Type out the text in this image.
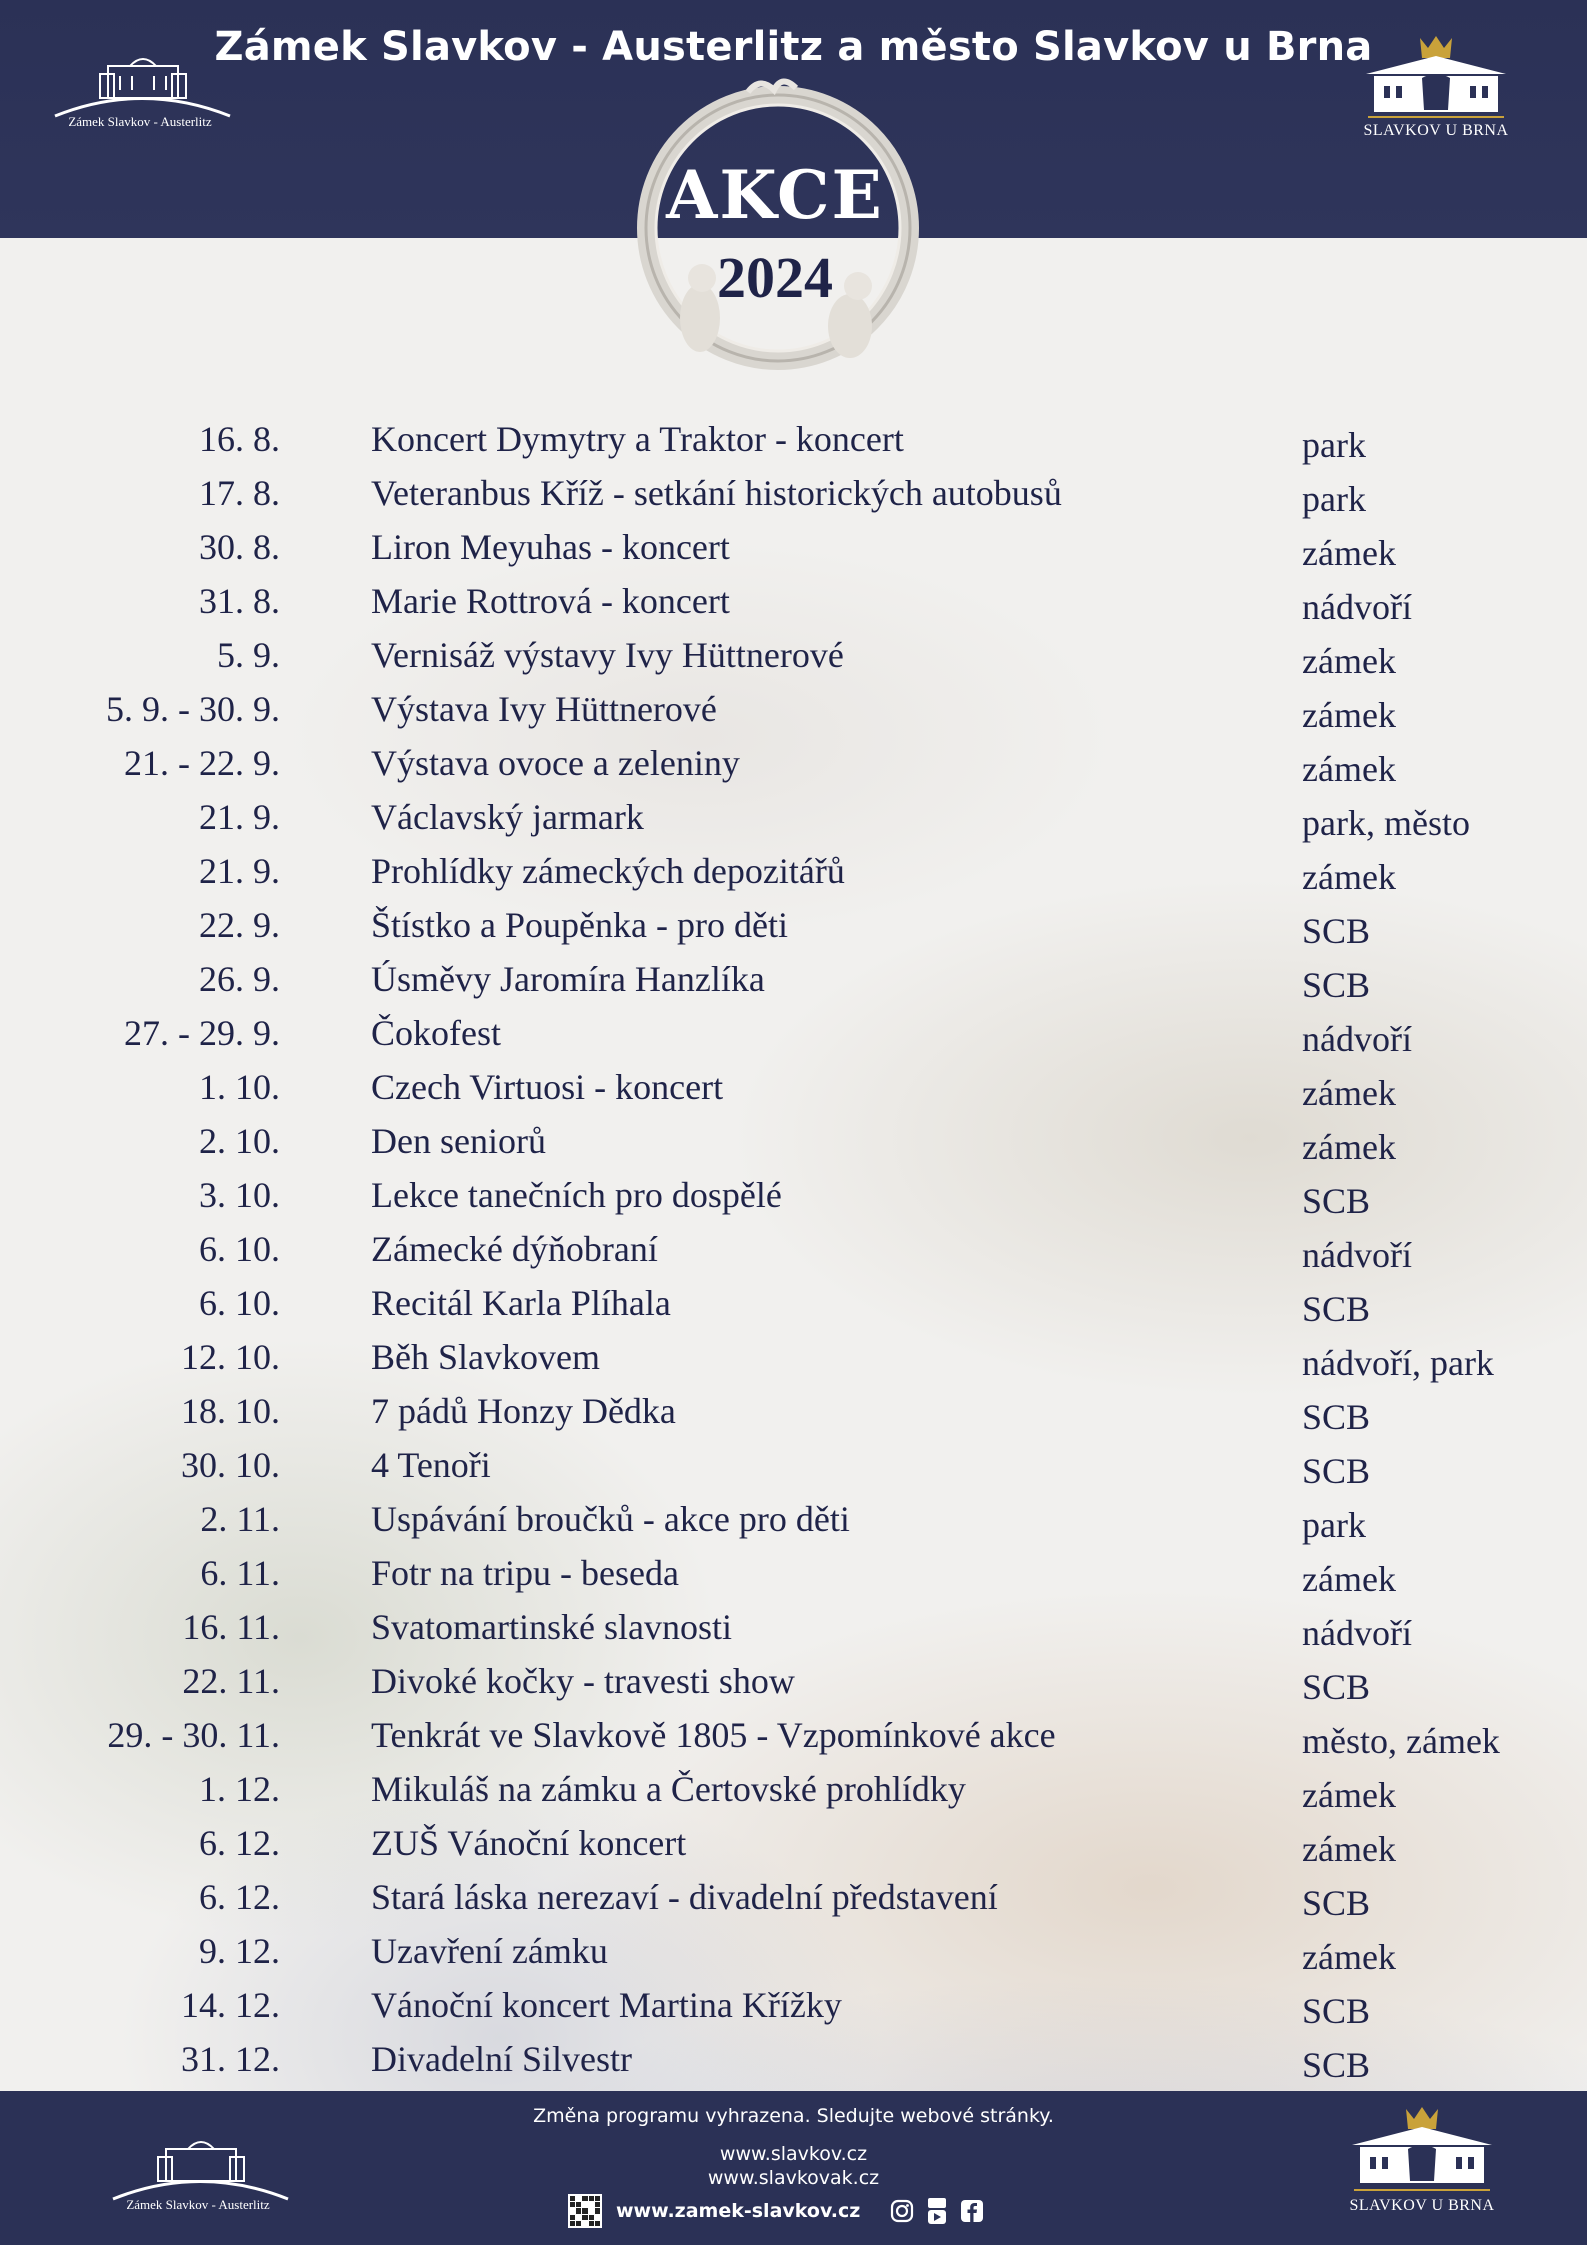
Zámek Slavkov - Austerlitz a město Slavkov u Brna
Zámek Slavkov - Austerlitz
SLAVKOV U BRNA
AKCE
2024
16. 8.	Koncert Dymytry a Traktor - koncert	park
17. 8.	Veteranbus Kříž - setkání historických autobusů	park
30. 8.	Liron Meyuhas - koncert	zámek
31. 8.	Marie Rottrová - koncert	nádvoří
5. 9.	Vernisáž výstavy Ivy Hüttnerové	zámek
5. 9. - 30. 9.	Výstava Ivy Hüttnerové	zámek
21. - 22. 9.	Výstava ovoce a zeleniny	zámek
21. 9.	Václavský jarmark	park, město
21. 9.	Prohlídky zámeckých depozitářů	zámek
22. 9.	Štístko a Poupěnka - pro děti	SCB
26. 9.	Úsměvy Jaromíra Hanzlíka	SCB
27. - 29. 9.	Čokofest	nádvoří
1. 10.	Czech Virtuosi - koncert	zámek
2. 10.	Den seniorů	zámek
3. 10.	Lekce tanečních pro dospělé	SCB
6. 10.	Zámecké dýňobraní	nádvoří
6. 10.	Recitál Karla Plíhala	SCB
12. 10.	Běh Slavkovem	nádvoří, park
18. 10.	7 pádů Honzy Dědka	SCB
30. 10.	4 Tenoři	SCB
2. 11.	Uspávání broučků - akce pro děti	park
6. 11.	Fotr na tripu - beseda	zámek
16. 11.	Svatomartinské slavnosti	nádvoří
22. 11.	Divoké kočky - travesti show	SCB
29. - 30. 11.	Tenkrát ve Slavkově 1805 - Vzpomínkové akce	město, zámek
1. 12.	Mikuláš na zámku a Čertovské prohlídky	zámek
6. 12.	ZUŠ Vánoční koncert	zámek
6. 12.	Stará láska nerezaví - divadelní představení	SCB
9. 12.	Uzavření zámku	zámek
14. 12.	Vánoční koncert Martina Křížky	SCB
31. 12.	Divadelní Silvestr	SCB
Změna programu vyhrazena. Sledujte webové stránky.
www.slavkov.cz
www.slavkovak.cz
www.zamek-slavkov.cz
Zámek Slavkov - Austerlitz	SLAVKOV U BRNA
